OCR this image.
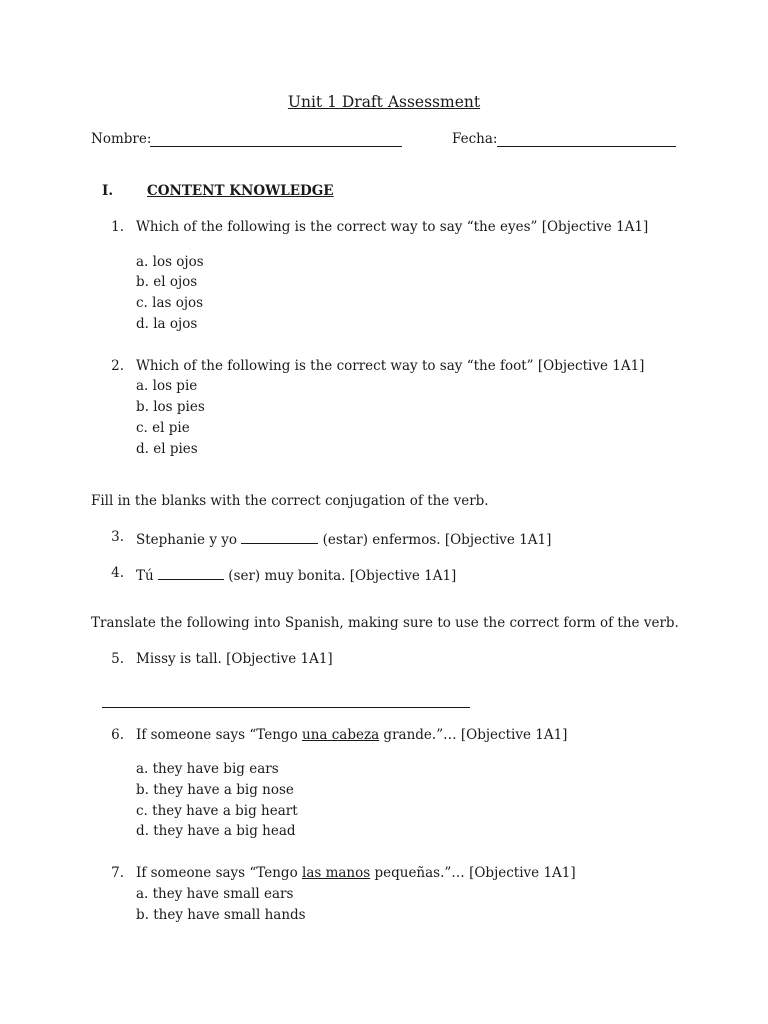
Unit 1 Draft Assessment
Nombre:	Fecha:
I.	CONTENT KNOWLEDGE
1. Which of the following is the correct way to say “the eyes” [Objective 1A1]
a. los ojos
b. el ojos
c. las ojos
d. la ojos
2. Which of the following is the correct way to say “the foot” [Objective 1A1]
a. los pie
b. los pies
c. el pie
d. el pies
Fill in the blanks with the correct conjugation of the verb.
3. Stephanie y yo	(estar) enfermos. [Objective 1A1]
4. Tú	(ser) muy bonita. [Objective 1A1]
Translate the following into Spanish, making sure to use the correct form of the verb.
5. Missy is tall. [Objective 1A1]
6. If someone says “Tengo una cabeza grande.”… [Objective 1A1]
a. they have big ears
b. they have a big nose
c. they have a big heart
d. they have a big head
7. If someone says “Tengo las manos pequeñas.”… [Objective 1A1]
a. they have small ears
b. they have small hands
